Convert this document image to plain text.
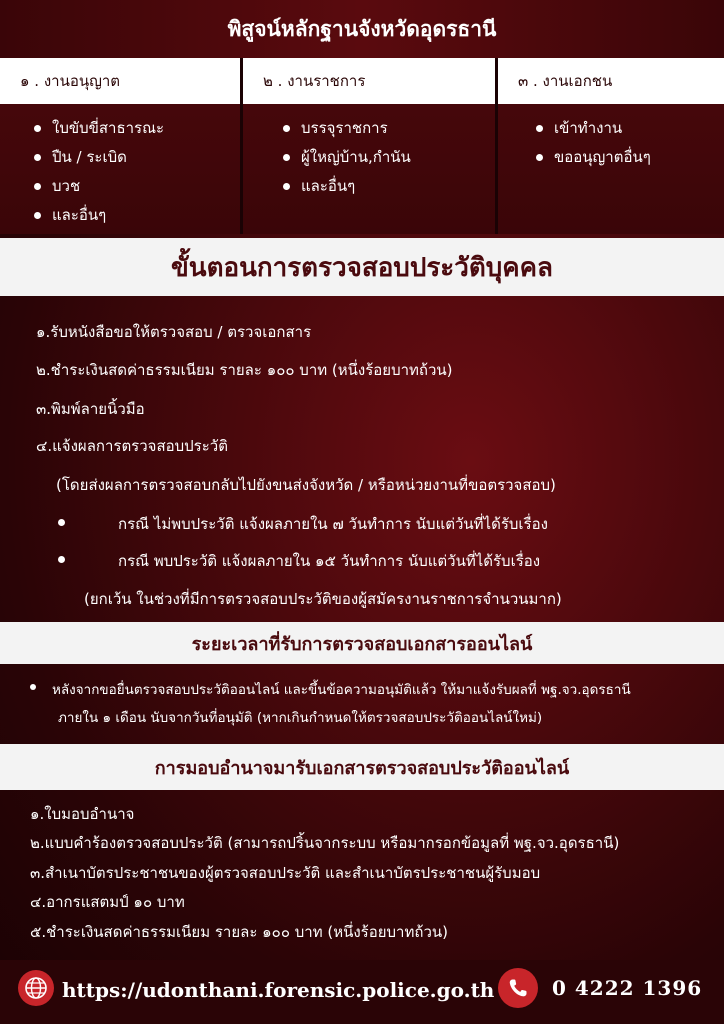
พิสูจน์หลักฐานจังหวัดอุดรธานี
๑ . งานอนุญาต
ใบขับขี่สาธารณะ
ปืน / ระเบิด
บวช
และอื่นๆ
๒ . งานราชการ
บรรจุราชการ
ผู้ใหญ่บ้าน,กำนัน
และอื่นๆ
๓ . งานเอกชน
เข้าทำงาน
ขออนุญาตอื่นๆ
ขั้นตอนการตรวจสอบประวัติบุคคล
๑.รับหนังสือขอให้ตรวจสอบ / ตรวจเอกสาร
๒.ชำระเงินสดค่าธรรมเนียม รายละ ๑๐๐ บาท (หนึ่งร้อยบาทถ้วน)
๓.พิมพ์ลายนิ้วมือ
๔.แจ้งผลการตรวจสอบประวัติ
(โดยส่งผลการตรวจสอบกลับไปยังขนส่งจังหวัด / หรือหน่วยงานที่ขอตรวจสอบ)
กรณี ไม่พบประวัติ แจ้งผลภายใน ๗ วันทำการ นับแต่วันที่ได้รับเรื่อง
กรณี พบประวัติ แจ้งผลภายใน ๑๕ วันทำการ นับแต่วันที่ได้รับเรื่อง
(ยกเว้น ในช่วงที่มีการตรวจสอบประวัติของผู้สมัครงานราชการจำนวนมาก)
ระยะเวลาที่รับการตรวจสอบเอกสารออนไลน์
หลังจากขอยื่นตรวจสอบประวัติออนไลน์ และขึ้นข้อความอนุมัติแล้ว ให้มาแจ้งรับผลที่ พฐ.จว.อุดรธานี
ภายใน ๑ เดือน นับจากวันที่อนุมัติ (หากเกินกำหนดให้ตรวจสอบประวัติออนไลน์ใหม่)
การมอบอำนาจมารับเอกสารตรวจสอบประวัติออนไลน์
๑.ใบมอบอำนาจ
๒.แบบคำร้องตรวจสอบประวัติ (สามารถปริ้นจากระบบ หรือมากรอกข้อมูลที่ พฐ.จว.อุดรธานี)
๓.สำเนาบัตรประชาชนของผู้ตรวจสอบประวัติ และสำเนาบัตรประชาชนผู้รับมอบ
๔.อากรแสตมป์ ๑๐ บาท
๕.ชำระเงินสดค่าธรรมเนียม รายละ ๑๐๐ บาท (หนึ่งร้อยบาทถ้วน)
https://udonthani.forensic.police.go.th	0 4222 1396
